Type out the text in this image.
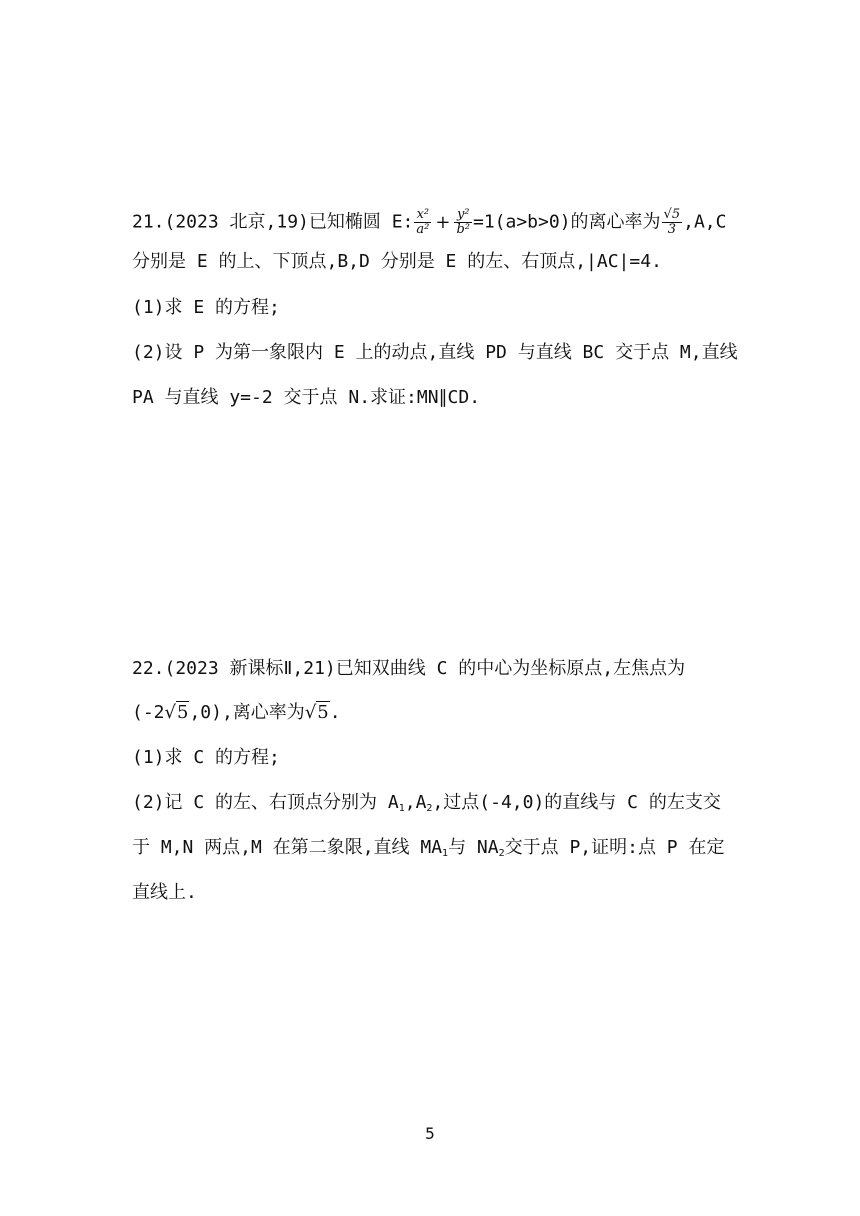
21.(2023 北京,19)已知椭圆 E: $\frac{\text{x²}}{\text{a²}} + \frac{\text{y²}}{\text{b²}} =1(a>b>0)$的离心率为 $\frac{√5}{3} ,A,C$
分别是 E 的上、下顶点,B,D 分别是 E 的左、右顶点,|AC|=4.
(1)求 E 的方程;
(2)设 P 为第一象限内 E 上的动点,直线 PD 与直线 BC 交于点 M,直线
PA 与直线 y=-2 交于点 N.求证:MN∥CD.
22.(2023 新课标Ⅱ,21)已知双曲线 C 的中心为坐标原点,左焦点为
(-2√5,0),离心率为√5.
(1)求 C 的方程;
(2)记 C 的左、右顶点分别为 $A_1,A_2$,过点(-4,0)的直线与 C 的左支交
于 M,N 两点,M 在第二象限,直线 $MA_1$与 $NA_2$交于点 P,证明:点 P 在定
直线上.
5
